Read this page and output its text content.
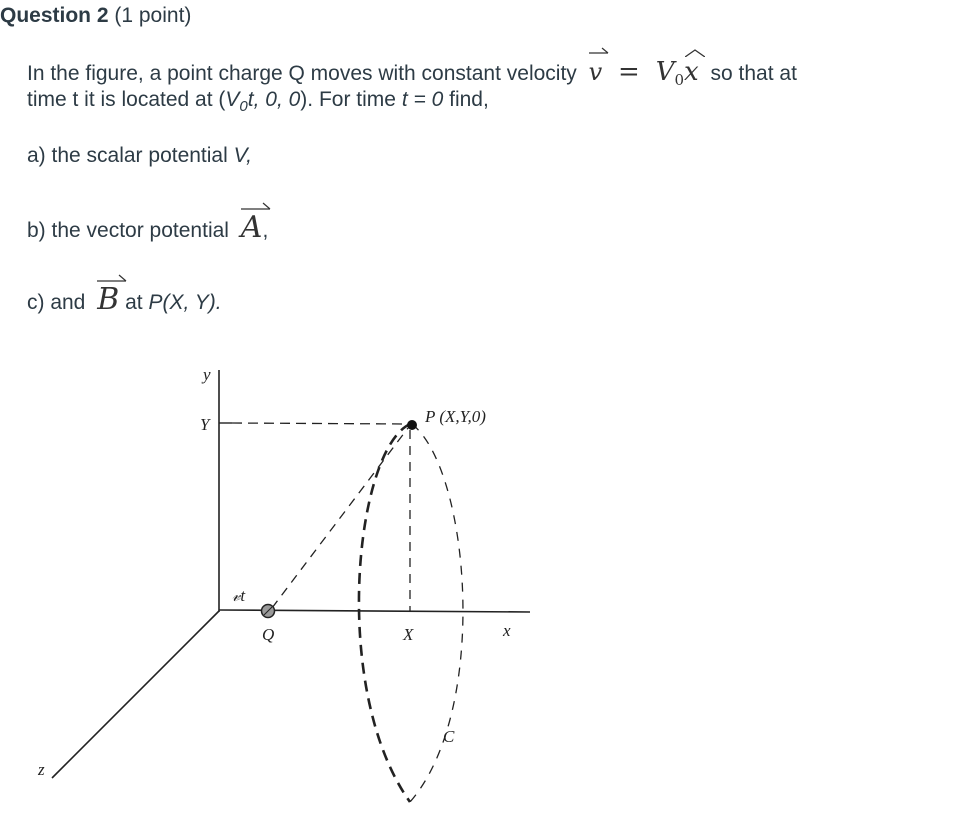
Question 2 (1 point)
In the figure, a point charge Q moves with constant velocity $v = V_0$
x so that at
time t it is located at ($V_0t$, 0, 0). For time t = 0 find,
a) the scalar potential V,
b) the vector potential A,
c) and B at P(X, Y).
y
Y	P (X,Y,0)
𝓋t
Q	X	x
C
z
